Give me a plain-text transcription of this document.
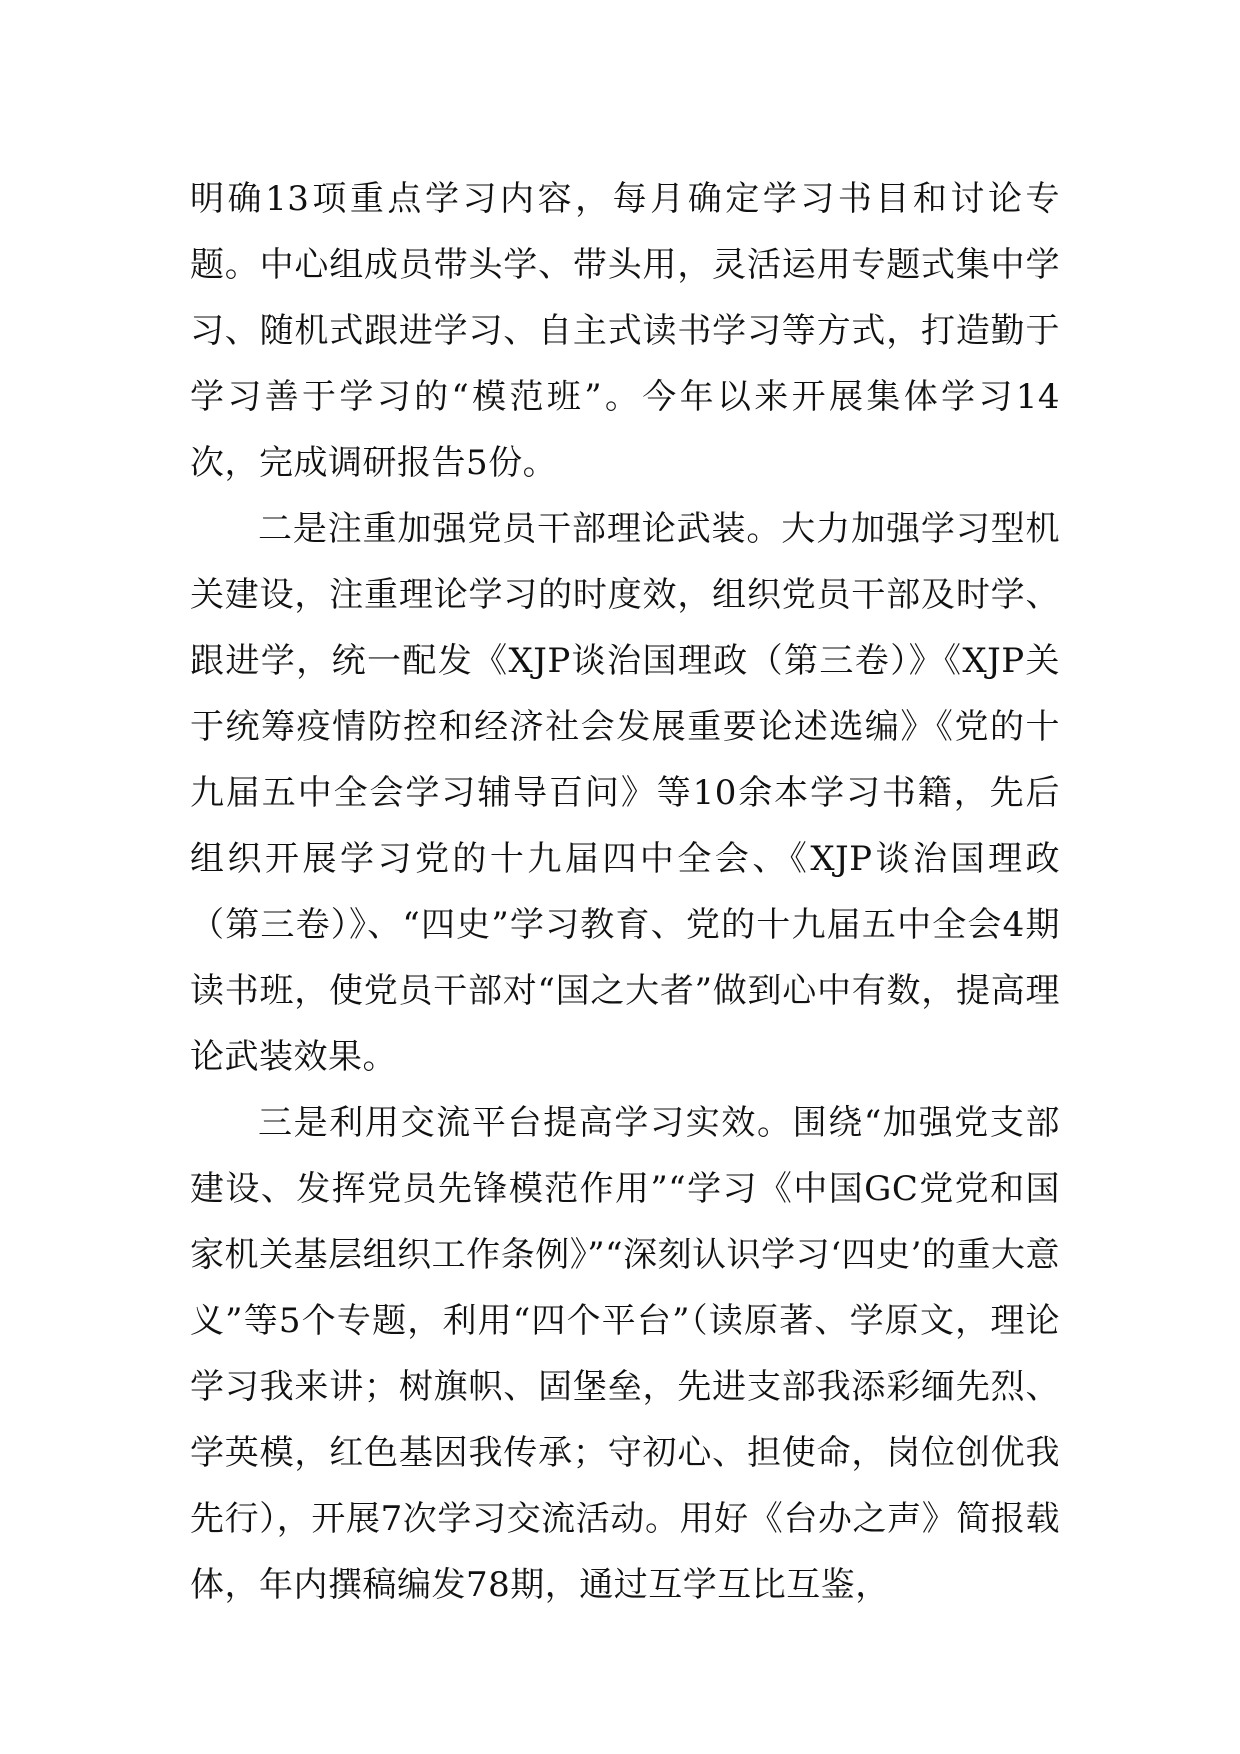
明确13项重点学习内容，每月确定学习书目和讨论专题。中心组成员带头学、带头用，灵活运用专题式集中学习、随机式跟进学习、自主式读书学习等方式，打造勤于学习善于学习的“模范班”。今年以来开展集体学习14次，完成调研报告5份。

二是注重加强党员干部理论武装。大力加强学习型机关建设，注重理论学习的时度效，组织党员干部及时学、跟进学，统一配发《XJP谈治国理政（第三卷）》《XJP关于统筹疫情防控和经济社会发展重要论述选编》《党的十九届五中全会学习辅导百问》等10余本学习书籍，先后组织开展学习党的十九届四中全会、《XJP谈治国理政（第三卷）》、“四史”学习教育、党的十九届五中全会4期读书班，使党员干部对“国之大者”做到心中有数，提高理论武装效果。

三是利用交流平台提高学习实效。围绕“加强党支部建设、发挥党员先锋模范作用”“学习《中国GC党党和国家机关基层组织工作条例》”“深刻认识学习‘四史’的重大意义”等5个专题，利用“四个平台”（读原著、学原文，理论学习我来讲；树旗帜、固堡垒，先进支部我添彩缅先烈、学英模，红色基因我传承；守初心、担使命，岗位创优我先行），开展7次学习交流活动。用好《台办之声》简报载体，年内撰稿编发78期，通过互学互比互鉴，
